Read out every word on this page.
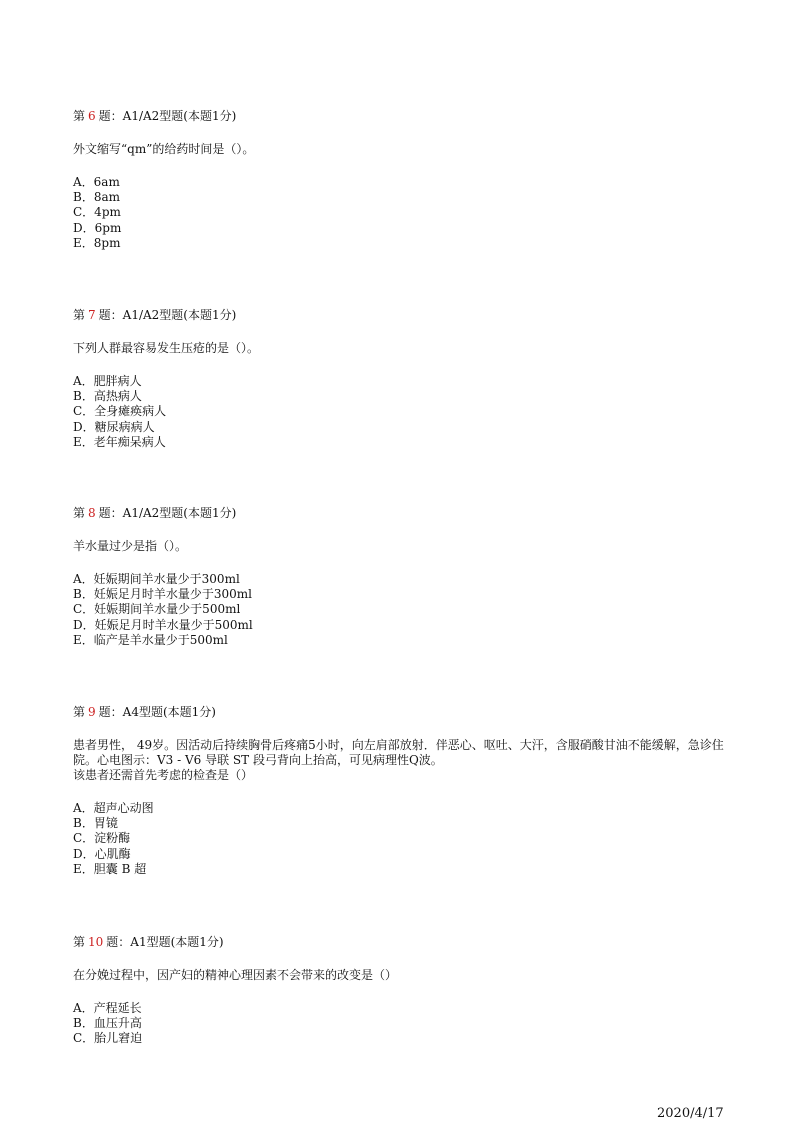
第 6 题：A1/A2型题(本题1分)

外文缩写“qm”的给药时间是（）。

A．6am
B．8am
C．4pm
D．6pm
E．8pm
第 7 题：A1/A2型题(本题1分)

下列人群最容易发生压疮的是（）。

A．肥胖病人
B．高热病人
C．全身瘫痪病人
D．糖尿病病人
E．老年痴呆病人
第 8 题：A1/A2型题(本题1分)

羊水量过少是指（）。

A．妊娠期间羊水量少于300ml
B．妊娠足月时羊水量少于300ml
C．妊娠期间羊水量少于500ml
D．妊娠足月时羊水量少于500ml
E．临产是羊水量少于500ml
第 9 题：A4型题(本题1分)

患者男性， 49岁。因活动后持续胸骨后疼痛5小时，向左肩部放射．伴恶心、呕吐、大汗，含服硝酸甘油不能缓解，急诊住院。心电图示：V3 - V6 导联 ST 段弓背向上抬高，可见病理性Q波。

该患者还需首先考虑的检查是（）

A．超声心动图
B．胃镜
C．淀粉酶
D．心肌酶
E．胆囊 B 超
第 10 题：A1型题(本题1分)

在分娩过程中，因产妇的精神心理因素不会带来的改变是（）

A．产程延长
B．血压升高
C．胎儿窘迫
2020/4/17
